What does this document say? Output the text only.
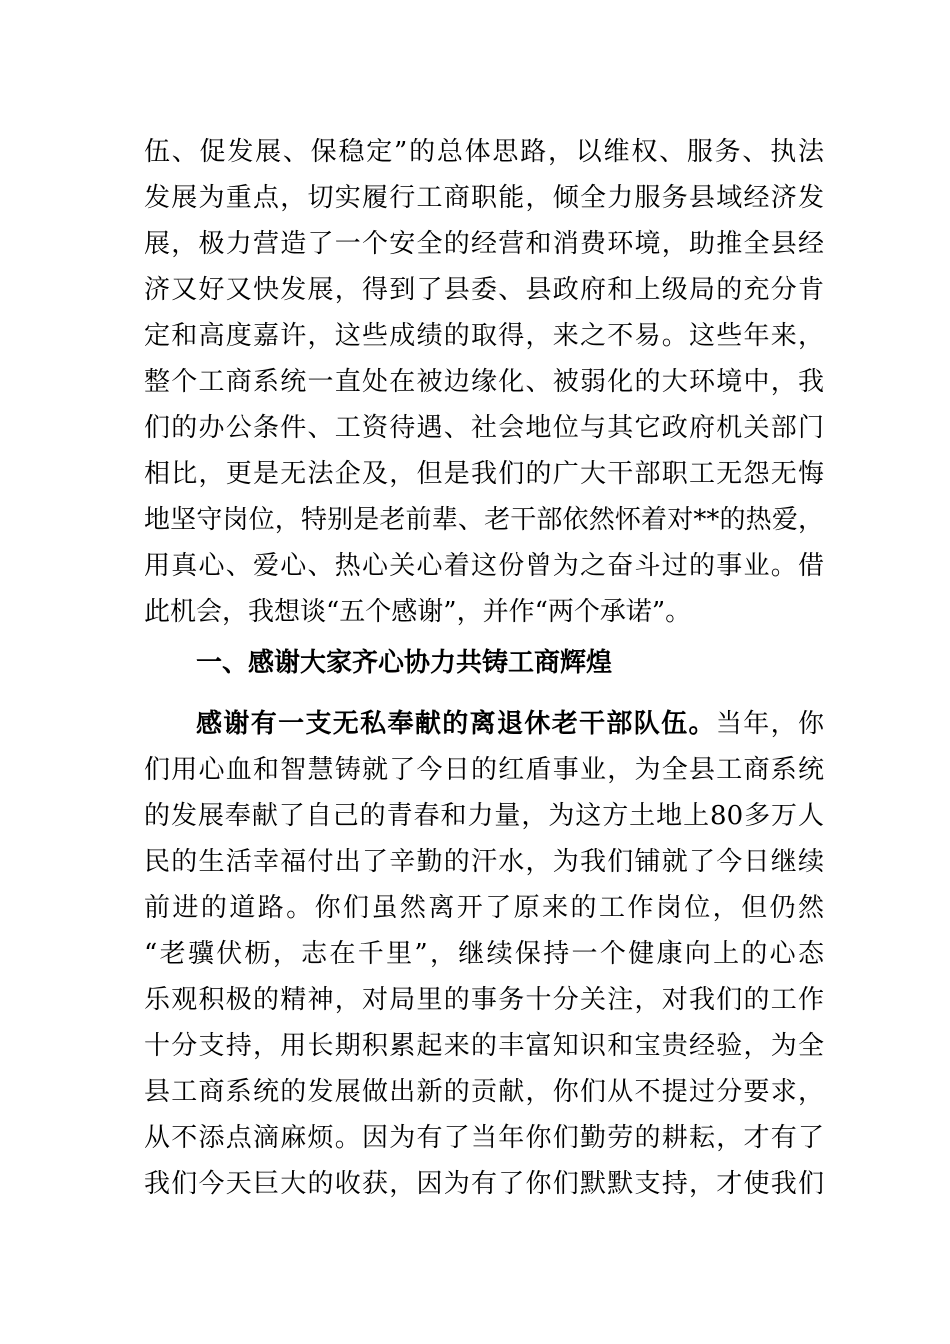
伍、促发展、保稳定”的总体思路，以维权、服务、执法
发展为重点，切实履行工商职能，倾全力服务县域经济发
展，极力营造了一个安全的经营和消费环境，助推全县经
济又好又快发展，得到了县委、县政府和上级局的充分肯
定和高度嘉许，这些成绩的取得，来之不易。这些年来，
整个工商系统一直处在被边缘化、被弱化的大环境中，我
们的办公条件、工资待遇、社会地位与其它政府机关部门
相比，更是无法企及，但是我们的广大干部职工无怨无悔
地坚守岗位，特别是老前辈、老干部依然怀着对**的热爱，
用真心、爱心、热心关心着这份曾为之奋斗过的事业。借
此机会，我想谈“五个感谢”，并作“两个承诺”。
一、感谢大家齐心协力共铸工商辉煌
感谢有一支无私奉献的离退休老干部队伍。当年，你
们用心血和智慧铸就了今日的红盾事业，为全县工商系统
的发展奉献了自己的青春和力量，为这方土地上80多万人
民的生活幸福付出了辛勤的汗水，为我们铺就了今日继续
前进的道路。你们虽然离开了原来的工作岗位，但仍然
“老骥伏枥，志在千里”，继续保持一个健康向上的心态
乐观积极的精神，对局里的事务十分关注，对我们的工作
十分支持，用长期积累起来的丰富知识和宝贵经验，为全
县工商系统的发展做出新的贡献，你们从不提过分要求，
从不添点滴麻烦。因为有了当年你们勤劳的耕耘，才有了
我们今天巨大的收获，因为有了你们默默支持，才使我们
